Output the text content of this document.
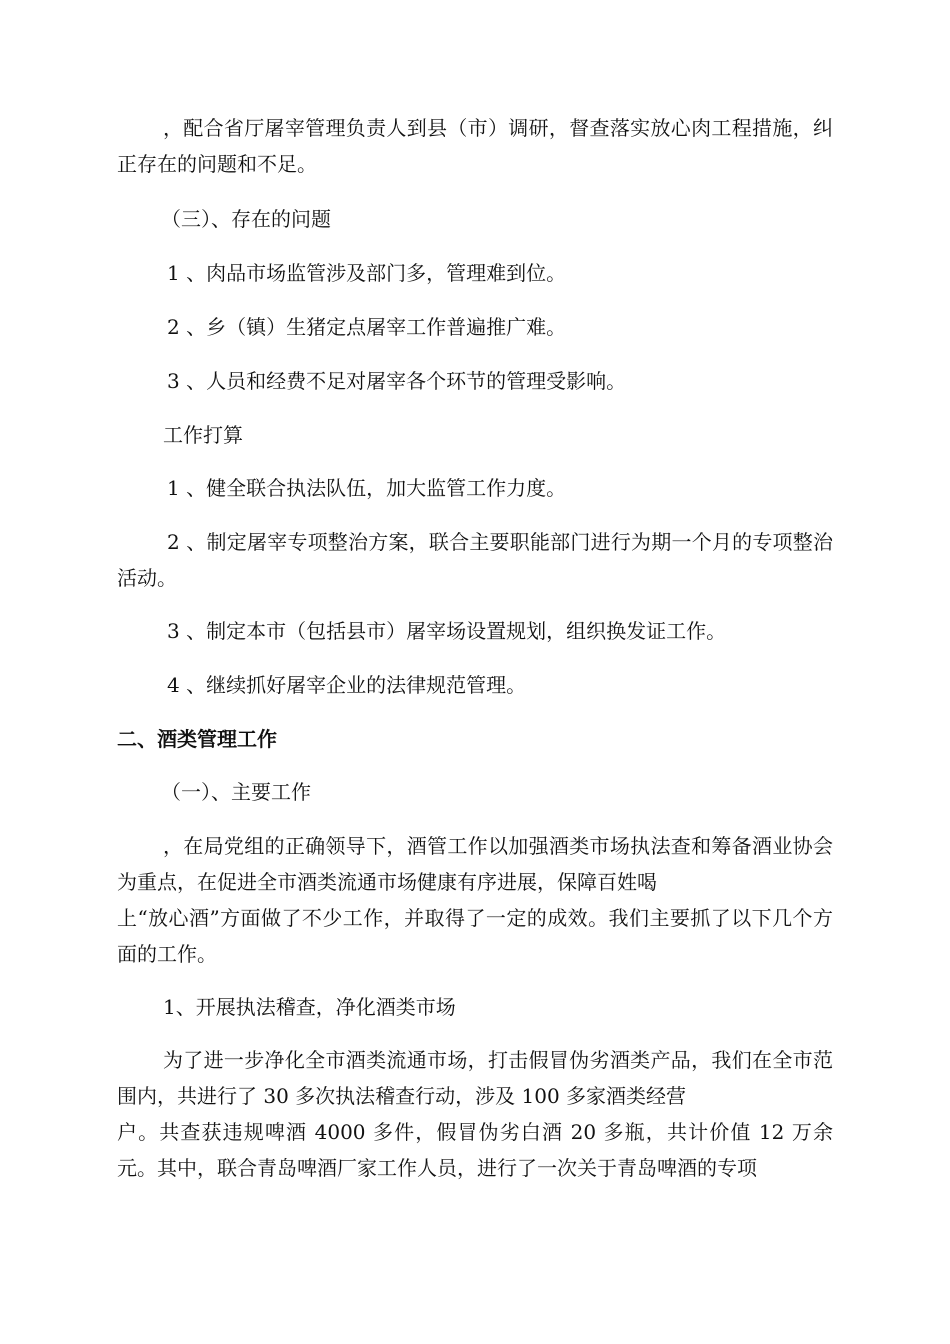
，配合省厅屠宰管理负责人到县（市）调研，督查落实放心肉工程措施，纠正存在的问题和不足。

（三）、存在的问题

1 、肉品市场监管涉及部门多，管理难到位。

2 、乡（镇）生猪定点屠宰工作普遍推广难。

3 、人员和经费不足对屠宰各个环节的管理受影响。

工作打算

1 、健全联合执法队伍，加大监管工作力度。

2 、制定屠宰专项整治方案，联合主要职能部门进行为期一个月的专项整治活动。

3 、制定本市（包括县市）屠宰场设置规划，组织换发证工作。

4 、继续抓好屠宰企业的法律规范管理。

二、酒类管理工作

（一）、主要工作

，在局党组的正确领导下，酒管工作以加强酒类市场执法查和筹备酒业协会为重点，在促进全市酒类流通市场健康有序进展，保障百姓喝
上“放心酒”方面做了不少工作，并取得了一定的成效。我们主要抓了以下几个方面的工作。

1、开展执法稽查，净化酒类市场

为了进一步净化全市酒类流通市场，打击假冒伪劣酒类产品，我们在全市范围内，共进行了 30 多次执法稽查行动，涉及 100 多家酒类经营
户。共查获违规啤酒 4000 多件，假冒伪劣白酒 20 多瓶，共计价值 12 万余元。其中，联合青岛啤酒厂家工作人员，进行了一次关于青岛啤酒的专项
